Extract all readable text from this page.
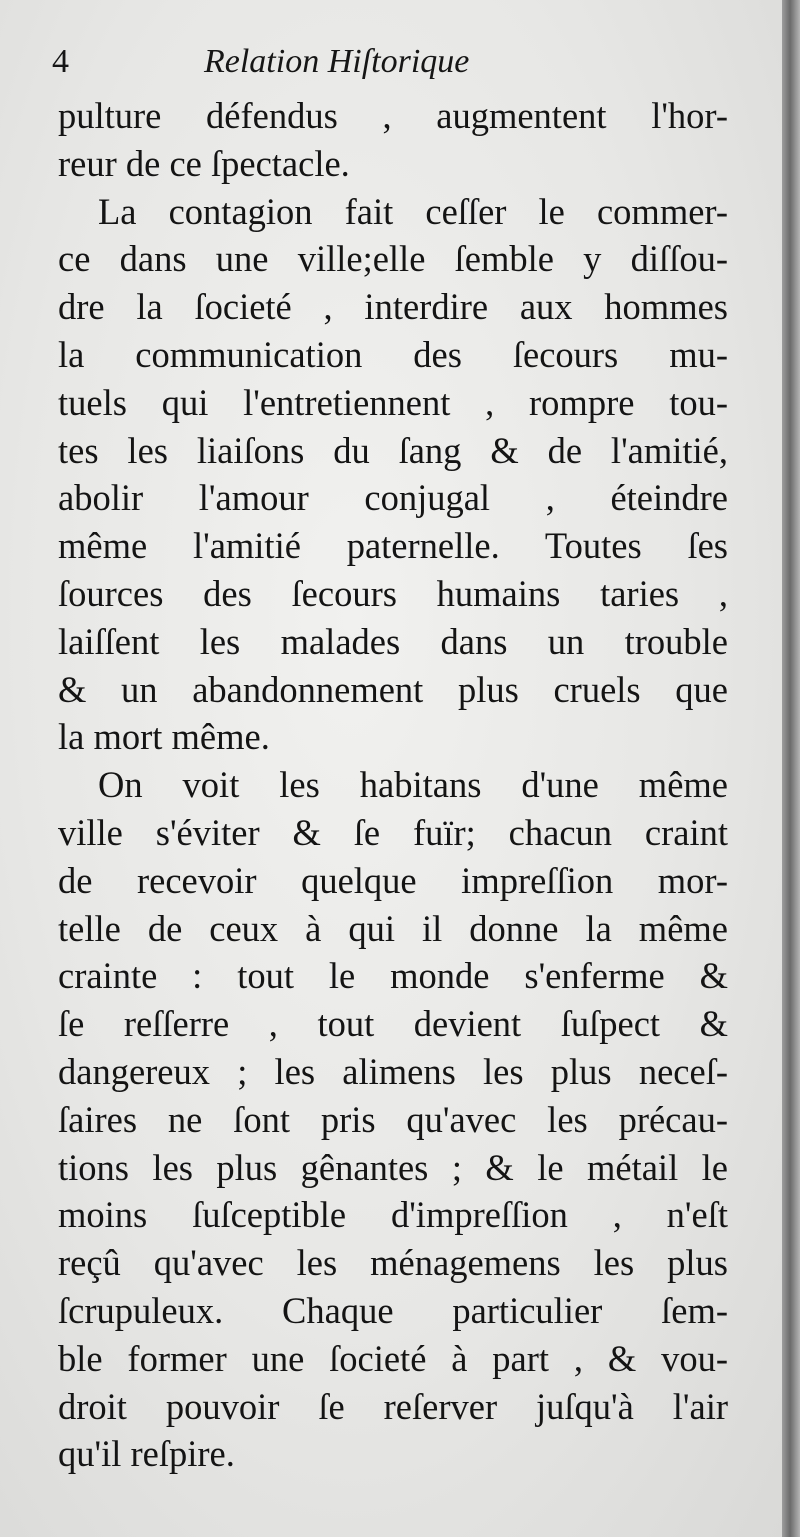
4	Relation Hiſtorique
pulture défendus , augmentent l'hor-
reur de ce ſpectacle.
La contagion fait ceſſer le commer-
ce dans une ville;elle ſemble y diſſou-
dre la ſocieté , interdire aux hommes
la communication des ſecours mu-
tuels qui l'entretiennent , rompre tou-
tes les liaiſons du ſang & de l'amitié,
abolir l'amour conjugal , éteindre
même l'amitié paternelle. Toutes ſes
ſources des ſecours humains taries ,
laiſſent les malades dans un trouble
& un abandonnement plus cruels que
la mort même.
On voit les habitans d'une même
ville s'éviter & ſe fuïr; chacun craint
de recevoir quelque impreſſion mor-
telle de ceux à qui il donne la même
crainte : tout le monde s'enferme &
ſe reſſerre , tout devient ſuſpect &
dangereux ; les alimens les plus neceſ-
ſaires ne ſont pris qu'avec les précau-
tions les plus gênantes ; & le métail le
moins ſuſceptible d'impreſſion , n'eſt
reçû qu'avec les ménagemens les plus
ſcrupuleux. Chaque particulier ſem-
ble former une ſocieté à part , & vou-
droit pouvoir ſe reſerver juſqu'à l'air
qu'il reſpire.
